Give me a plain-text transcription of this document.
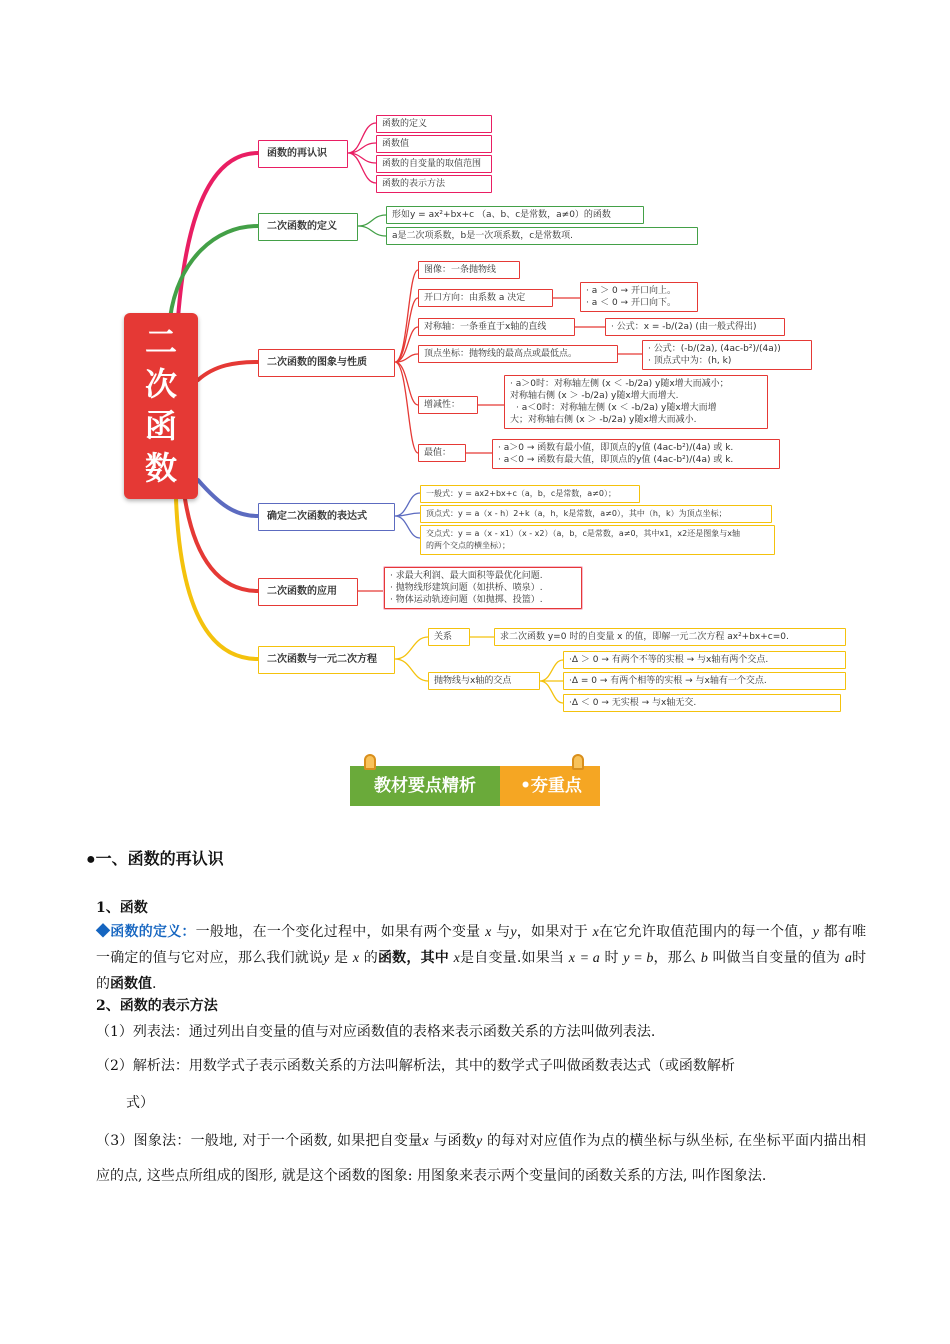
二
次
函
数
函数的再认识
函数的定义
函数值
函数的自变量的取值范围
函数的表示方法
二次函数的定义
形如y = ax²+bx+c （a、b、c是常数，a≠0）的函数
a是二次项系数，b是一次项系数，c是常数项.
二次函数的图象与性质
图像：一条抛物线
开口方向：由系数 a 决定
· a ＞ 0 → 开口向上。
· a ＜ 0 → 开口向下。
对称轴：一条垂直于x轴的直线	· 公式：x = -b/(2a) (由一般式得出)
顶点坐标：抛物线的最高点或最低点。	· 公式：(-b/(2a), (4ac-b²)/(4a))
· 顶点式中为：(h, k)
增减性：
· a＞0时：对称轴左侧 (x ＜ -b/2a) y随x增大而减小；
对称轴右侧 (x ＞ -b/2a) y随x增大而增大.
· a＜0时：对称轴左侧 (x ＜ -b/2a) y随x增大而增
大；对称轴右侧 (x ＞ -b/2a) y随x增大而减小.
最值：	· a＞0 → 函数有最小值，即顶点的y值 (4ac-b²)/(4a) 或 k.
· a＜0 → 函数有最大值，即顶点的y值 (4ac-b²)/(4a) 或 k.
确定二次函数的表达式
一般式：y = ax2+bx+c（a，b，c是常数，a≠0）；
顶点式：y = a（x - h）2+k（a，h，k是常数，a≠0），其中（h，k）为顶点坐标；
交点式：y = a（x - x1）（x - x2）（a，b，c是常数，a≠0，其中x1，x2还是图象与x轴
的两个交点的横坐标）；
二次函数的应用
· 求最大利润、最大面积等最优化问题.
· 抛物线形建筑问题（如拱桥、喷泉）.
· 物体运动轨迹问题（如抛掷、投篮）.
二次函数与一元二次方程
关系	求二次函数 y=0 时的自变量 x 的值，即解一元二次方程 ax²+bx+c=0.
抛物线与x轴的交点
·Δ ＞ 0 → 有两个不等的实根 → 与x轴有两个交点.
·Δ = 0 → 有两个相等的实根 → 与x轴有一个交点.
·Δ ＜ 0 → 无实根 → 与x轴无交.
教材要点精析	•夯重点
●一、函数的再认识
1、函数
◆函数的定义：一般地，在一个变化过程中，如果有两个变量 x 与y，如果对于 x在它允许取值范围内的每一个值，y 都有唯一确定的值与它对应，那么我们就说y 是 x 的函数，其中 x是自变量.如果当 x = a 时 y = b，那么 b 叫做当自变量的值为 a时的函数值.
2、函数的表示方法
（1）列表法：通过列出自变量的值与对应函数值的表格来表示函数关系的方法叫做列表法.
（2）解析法：用数学式子表示函数关系的方法叫解析法，其中的数学式子叫做函数表达式（或函数解析
式）
（3）图象法：一般地, 对于一个函数, 如果把自变量x 与函数y 的每对对应值作为点的横坐标与纵坐标, 在坐标平面内描出相应的点, 这些点所组成的图形, 就是这个函数的图象: 用图象来表示两个变量间的函数关系的方法, 叫作图象法.
